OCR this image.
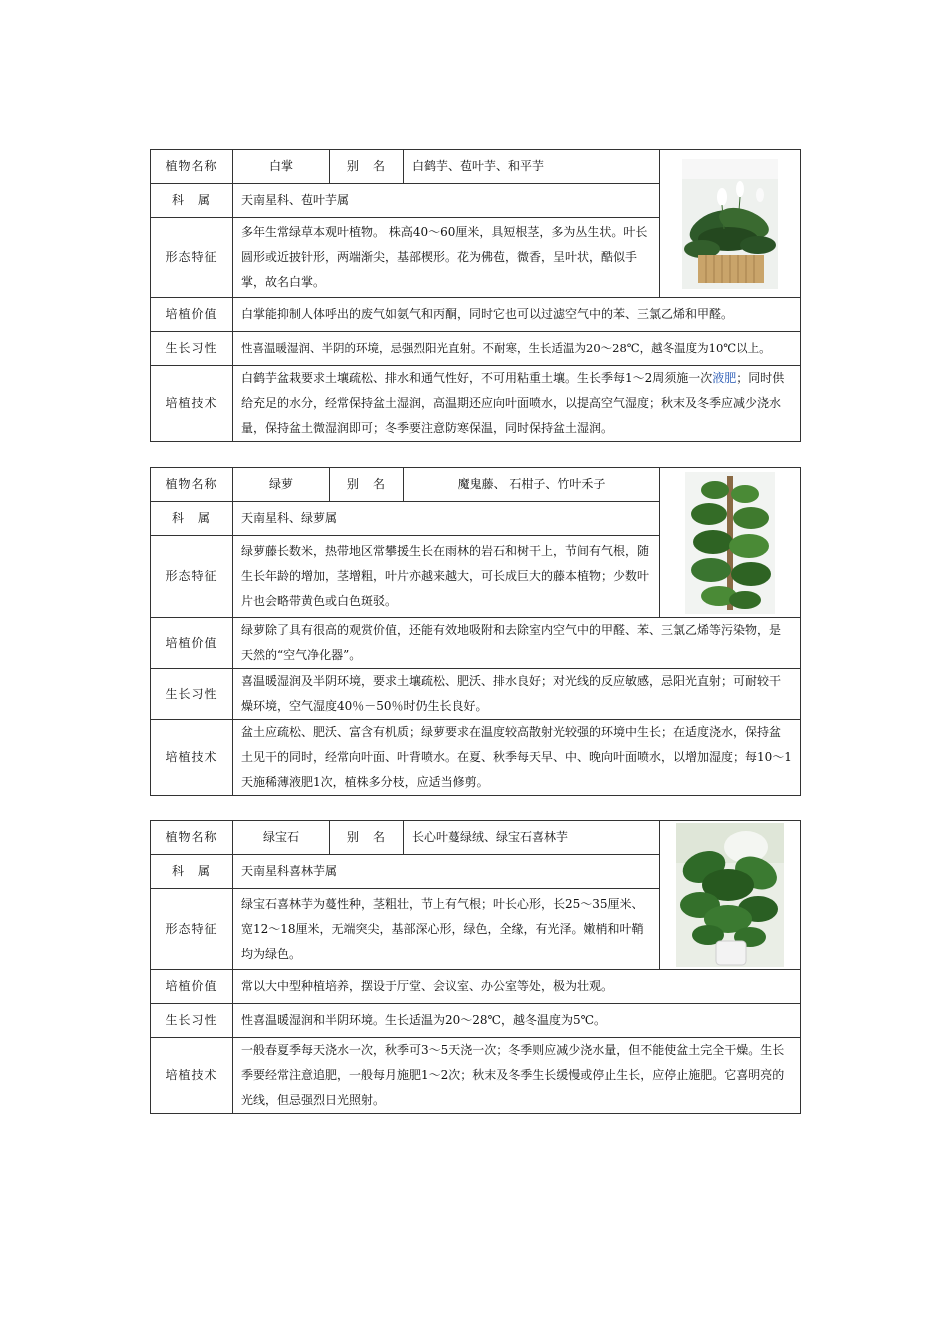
植物名称	白掌	别　名	白鹤芋、苞叶芋、和平芋	

科　属	天南星科、苞叶芋属			
形态特征	多年生常绿草本观叶植物。 株高40～60厘米，具短根茎，多为丛生状。叶长圆形或近披针形，两端渐尖，基部楔形。花为佛苞，微香，呈叶状，酷似手掌，故名白掌。			
培植价值	白掌能抑制人体呼出的废气如氨气和丙酮，同时它也可以过滤空气中的苯、三氯乙烯和甲醛。			
生长习性	性喜温暖湿润、半阴的环境，忌强烈阳光直射。不耐寒，生长适温为20～28℃，越冬温度为10℃以上。			
培植技术	白鹤芋盆栽要求土壤疏松、排水和通气性好，不可用粘重土壤。生长季每1～2周须施一次液肥；同时供给充足的水分，经常保持盆土湿润，高温期还应向叶面喷水，以提高空气湿度；秋末及冬季应减少浇水量，保持盆土微湿润即可；冬季要注意防寒保温，同时保持盆土湿润。			
植物名称	绿萝	别　名	魔鬼藤、 石柑子、竹叶禾子	

科　属	天南星科、绿萝属			
形态特征	绿萝藤长数米，热带地区常攀援生长在雨林的岩石和树干上，节间有气根，随生长年龄的增加，茎增粗，叶片亦越来越大，可长成巨大的藤本植物；少数叶片也会略带黄色或白色斑驳。			
培植价值	绿萝除了具有很高的观赏价值，还能有效地吸附和去除室内空气中的甲醛、苯、三氯乙烯等污染物，是天然的“空气净化器”。			
生长习性	喜温暖湿润及半阴环境，要求土壤疏松、肥沃、排水良好；对光线的反应敏感，忌阳光直射；可耐较干燥环境，空气湿度40％－50％时仍生长良好。			
培植技术	盆土应疏松、肥沃、富含有机质；绿萝要求在温度较高散射光较强的环境中生长；在适度浇水，保持盆土见干的同时，经常向叶面、叶背喷水。在夏、秋季每天早、中、晚向叶面喷水，以增加湿度；每10～1天施稀薄液肥1次，植株多分枝，应适当修剪。			
植物名称	绿宝石	别　名	长心叶蔓绿绒、绿宝石喜林芋	

科　属	天南星科喜林芋属			
形态特征	绿宝石喜林芋为蔓性种，茎粗壮，节上有气根；叶长心形，长25～35厘米、宽12～18厘米，无端突尖，基部深心形，绿色，全缘，有光泽。嫩梢和叶鞘均为绿色。			
培植价值	常以大中型种植培养，摆设于厅堂、会议室、办公室等处，极为壮观。			
生长习性	性喜温暖湿润和半阴环境。生长适温为20～28℃，越冬温度为5℃。			
培植技术	一般春夏季每天浇水一次，秋季可3～5天浇一次；冬季则应减少浇水量，但不能使盆土完全干燥。生长季要经常注意追肥，一般每月施肥1～2次；秋末及冬季生长缓慢或停止生长，应停止施肥。它喜明亮的光线，但忌强烈日光照射。			
